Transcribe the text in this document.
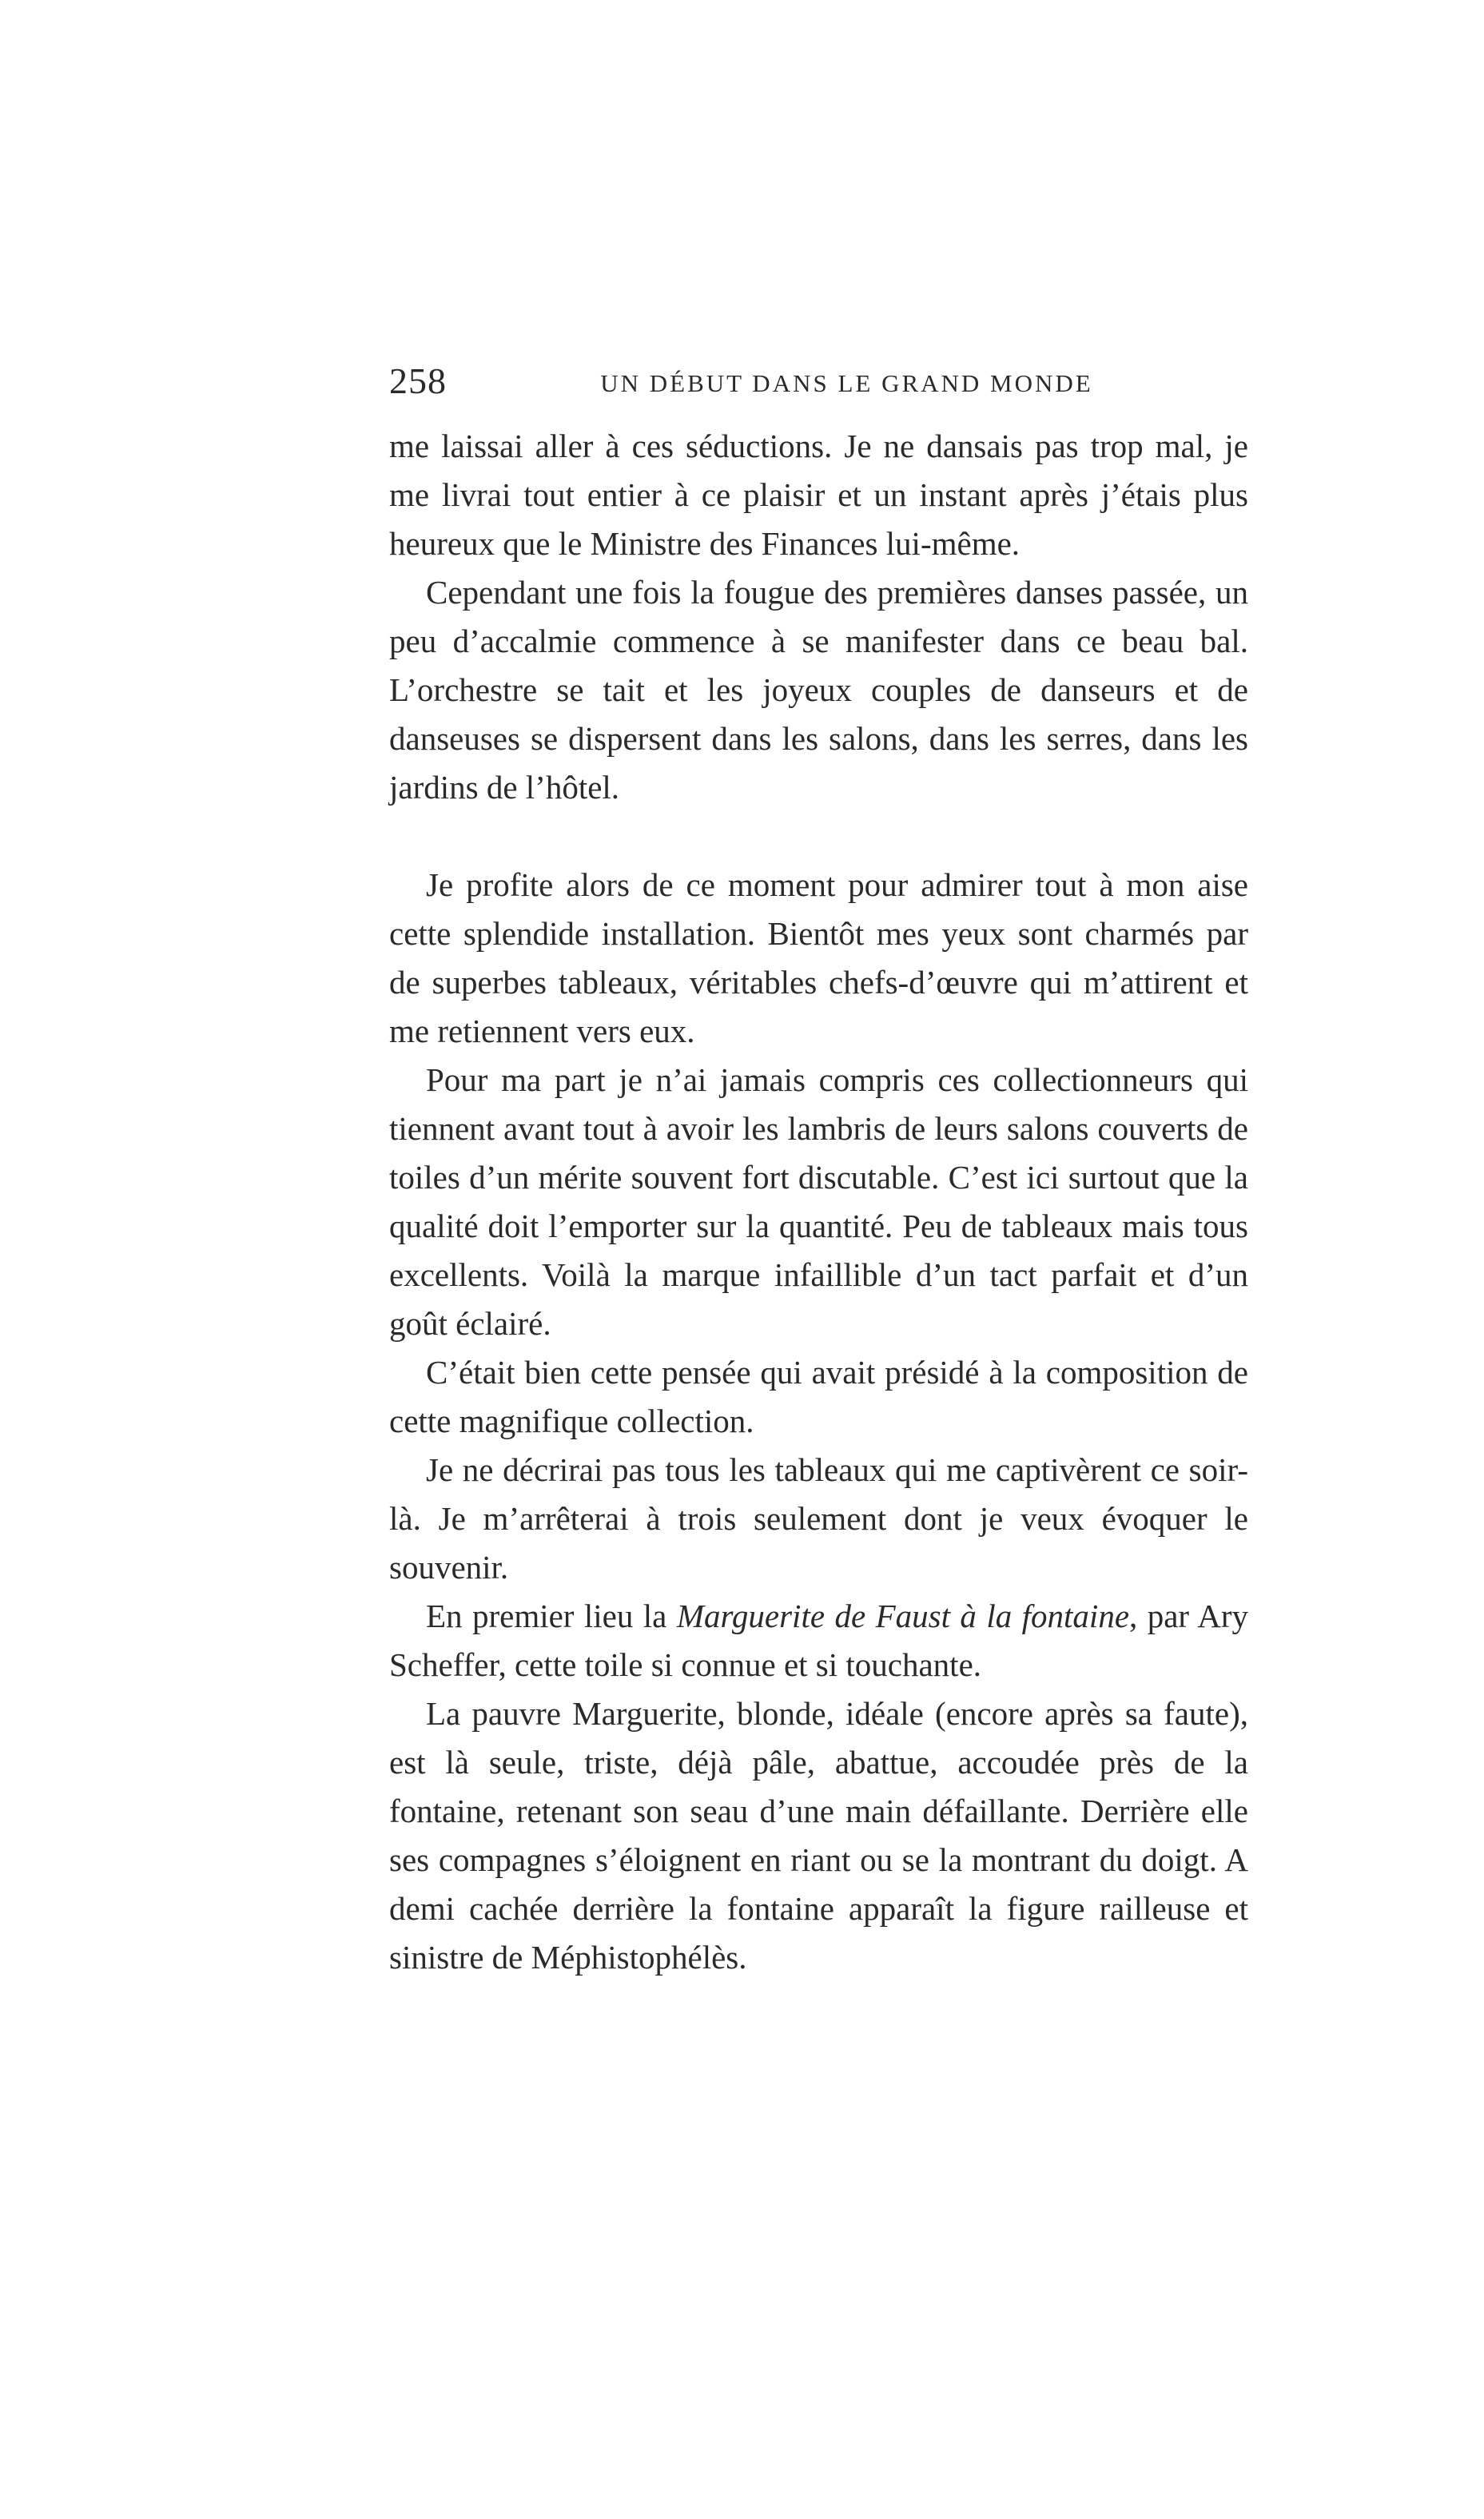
258	UN DÉBUT DANS LE GRAND MONDE

me laissai aller à ces séductions. Je ne dansais pas trop mal, je me livrai tout entier à ce plaisir et un instant après j’étais plus heureux que le Ministre des Finances lui-même.

Cependant une fois la fougue des premières danses passée, un peu d’accalmie commence à se manifester dans ce beau bal. L’orchestre se tait et les joyeux couples de danseurs et de danseuses se dispersent dans les salons, dans les serres, dans les jardins de l’hôtel.

Je profite alors de ce moment pour admirer tout à mon aise cette splendide installation. Bientôt mes yeux sont charmés par de superbes tableaux, véritables chefs-d’œuvre qui m’attirent et me retiennent vers eux.

Pour ma part je n’ai jamais compris ces collectionneurs qui tiennent avant tout à avoir les lambris de leurs salons couverts de toiles d’un mérite souvent fort discutable. C’est ici surtout que la qualité doit l’emporter sur la quantité. Peu de tableaux mais tous excellents. Voilà la marque infaillible d’un tact parfait et d’un goût éclairé.

C’était bien cette pensée qui avait présidé à la composition de cette magnifique collection.

Je ne décrirai pas tous les tableaux qui me captivèrent ce soir-là. Je m’arrêterai à trois seulement dont je veux évoquer le souvenir.

En premier lieu la Marguerite de Faust à la fontaine, par Ary Scheffer, cette toile si connue et si touchante.

La pauvre Marguerite, blonde, idéale (encore après sa faute), est là seule, triste, déjà pâle, abattue, accoudée près de la fontaine, retenant son seau d’une main défaillante. Derrière elle ses compagnes s’éloignent en riant ou se la montrant du doigt. A demi cachée derrière la fontaine apparaît la figure railleuse et sinistre de Méphistophélès.
